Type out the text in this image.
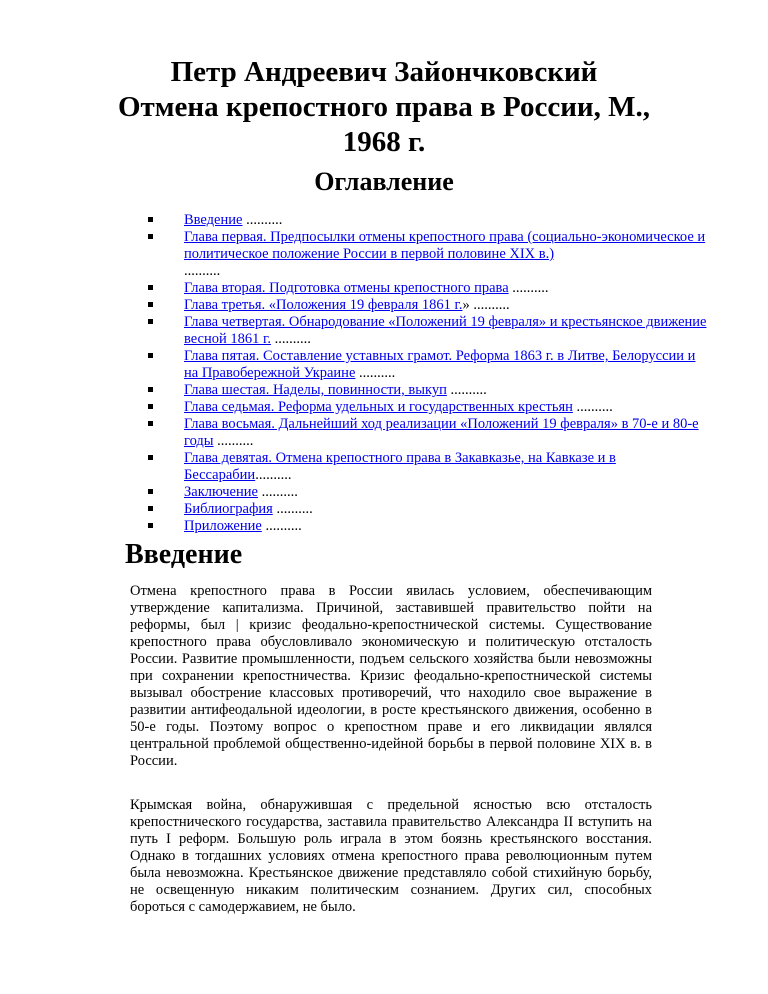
Петр Андреевич Зайончковский
Отмена крепостного права в России, М.,
1968 г.
Оглавление
Введение ..........
Глава первая. Предпосылки отмены крепостного права (социально-экономическое и политическое положение России в первой половине XIX в.)
..........
Глава вторая. Подготовка отмены крепостного права ..........
Глава третья. «Положения 19 февраля 1861 г.» ..........
Глава четвертая. Обнародование «Положений 19 февраля» и крестьянское движение весной 1861 г. ..........
Глава пятая. Составление уставных грамот. Реформа 1863 г. в Литве, Белоруссии и на Правобережной Украине ..........
Глава шестая. Наделы, повинности, выкуп ..........
Глава седьмая. Реформа удельных и государственных крестьян ..........
Глава восьмая. Дальнейший ход реализации «Положений 19 февраля» в 70-е и 80-е годы ..........
Глава девятая. Отмена крепостного права в Закавказье, на Кавказе и в Бессарабии..........
Заключение ..........
Библиография ..........
Приложение ..........
Введение

Отмена крепостного права в России явилась условием, обеспечивающим утверждение капитализма. Причиной, заставившей правительство пойти на реформы, был | кризис феодально-крепостнической системы. Существование крепостного права обусловливало экономическую и политическую отсталость России. Развитие промышленности, подъем сельского хозяйства были невозможны при сохранении крепостничества. Кризис феодально-крепостнической системы вызывал обострение классовых противоречий, что находило свое выражение в развитии антифеодальной идеологии, в росте крестьянского движения, особенно в 50-е годы. Поэтому вопрос о крепостном праве и его ликвидации являлся центральной проблемой общественно-идейной борьбы в первой половине XIX в. в России.

Крымская война, обнаружившая с предельной ясностью всю отсталость крепостнического государства, заставила правительство Александра II вступить на путь I реформ. Большую роль играла в этом боязнь крестьянского восстания. Однако в тогдашних условиях отмена крепостного права революционным путем была невозможна. Крестьянское движение представляло собой стихийную борьбу, не освещенную никаким политическим сознанием. Других сил, способных бороться с самодержавием, не было.
